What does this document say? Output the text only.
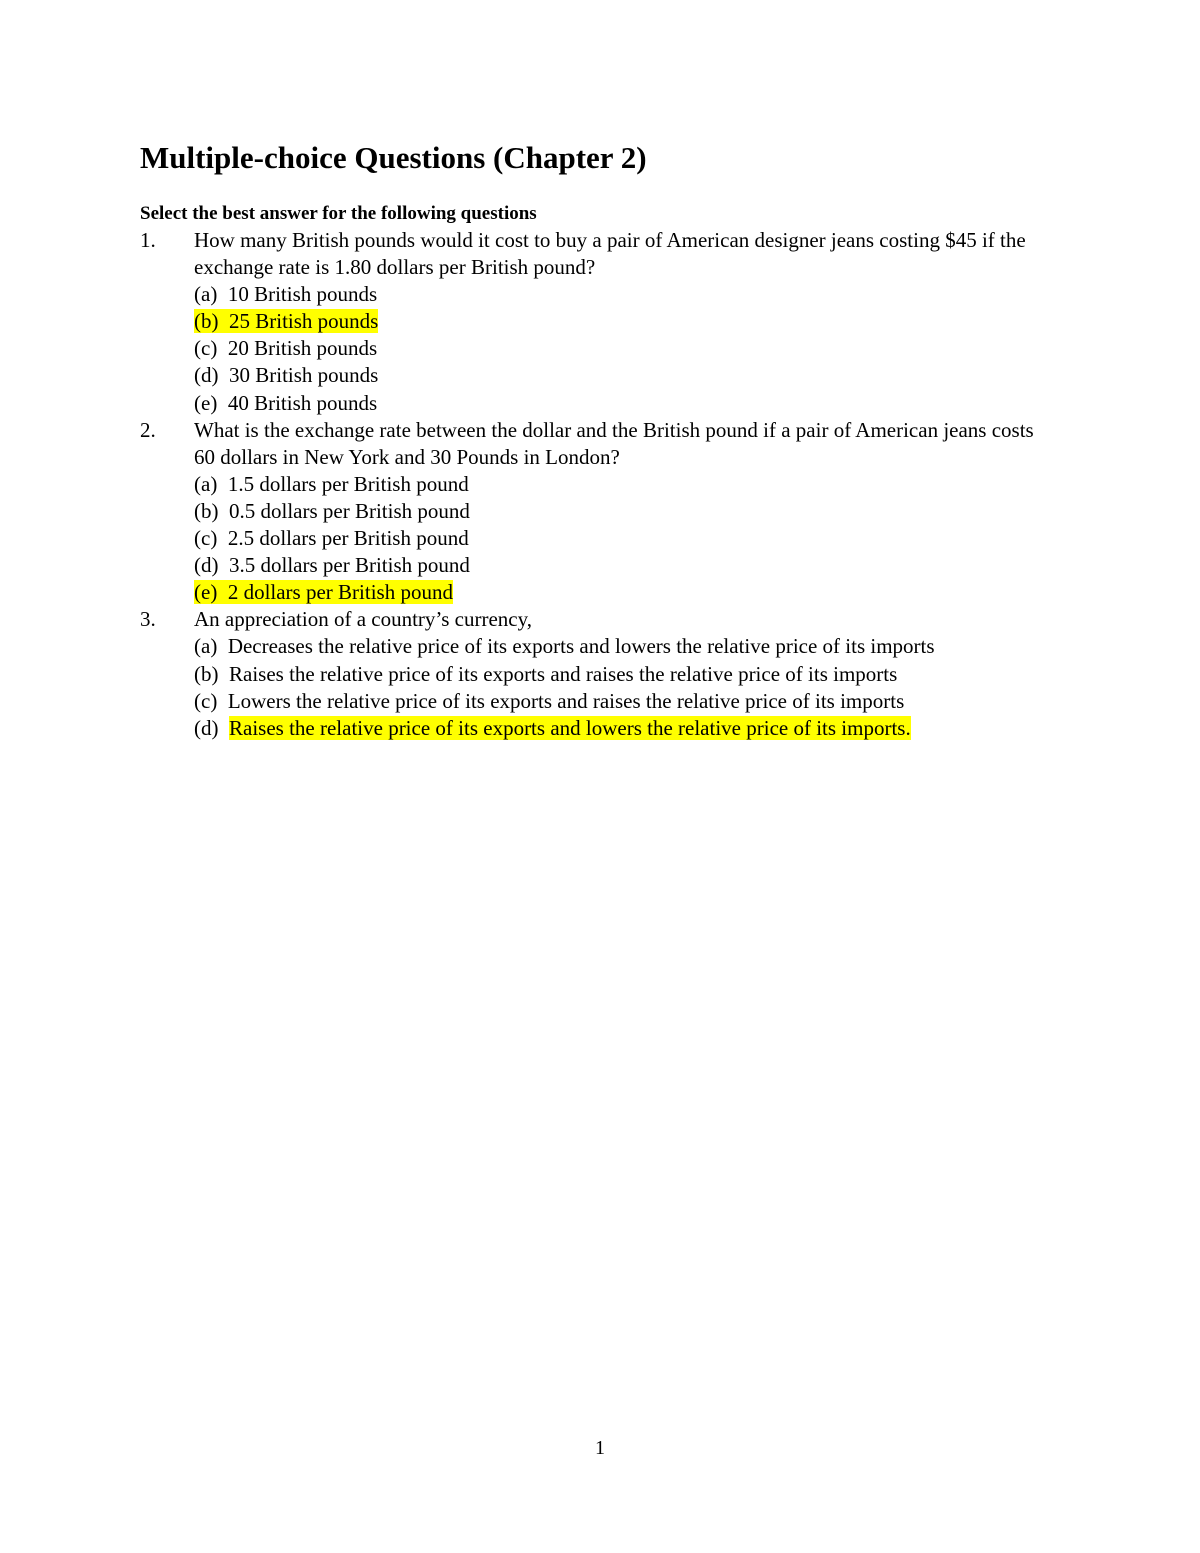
Multiple-choice Questions (Chapter 2)
Select the best answer for the following questions
1.	How many British pounds would it cost to buy a pair of American designer jeans costing $45 if the exchange rate is 1.80 dollars per British pound?
(a) 10 British pounds
(b) 25 British pounds
(c) 20 British pounds
(d) 30 British pounds
(e) 40 British pounds
2.	What is the exchange rate between the dollar and the British pound if a pair of American jeans costs 60 dollars in New York and 30 Pounds in London?
(a) 1.5 dollars per British pound
(b) 0.5 dollars per British pound
(c) 2.5 dollars per British pound
(d) 3.5 dollars per British pound
(e) 2 dollars per British pound
3.	An appreciation of a country’s currency,
(a) Decreases the relative price of its exports and lowers the relative price of its imports
(b) Raises the relative price of its exports and raises the relative price of its imports
(c) Lowers the relative price of its exports and raises the relative price of its imports
(d) Raises the relative price of its exports and lowers the relative price of its imports.
1
